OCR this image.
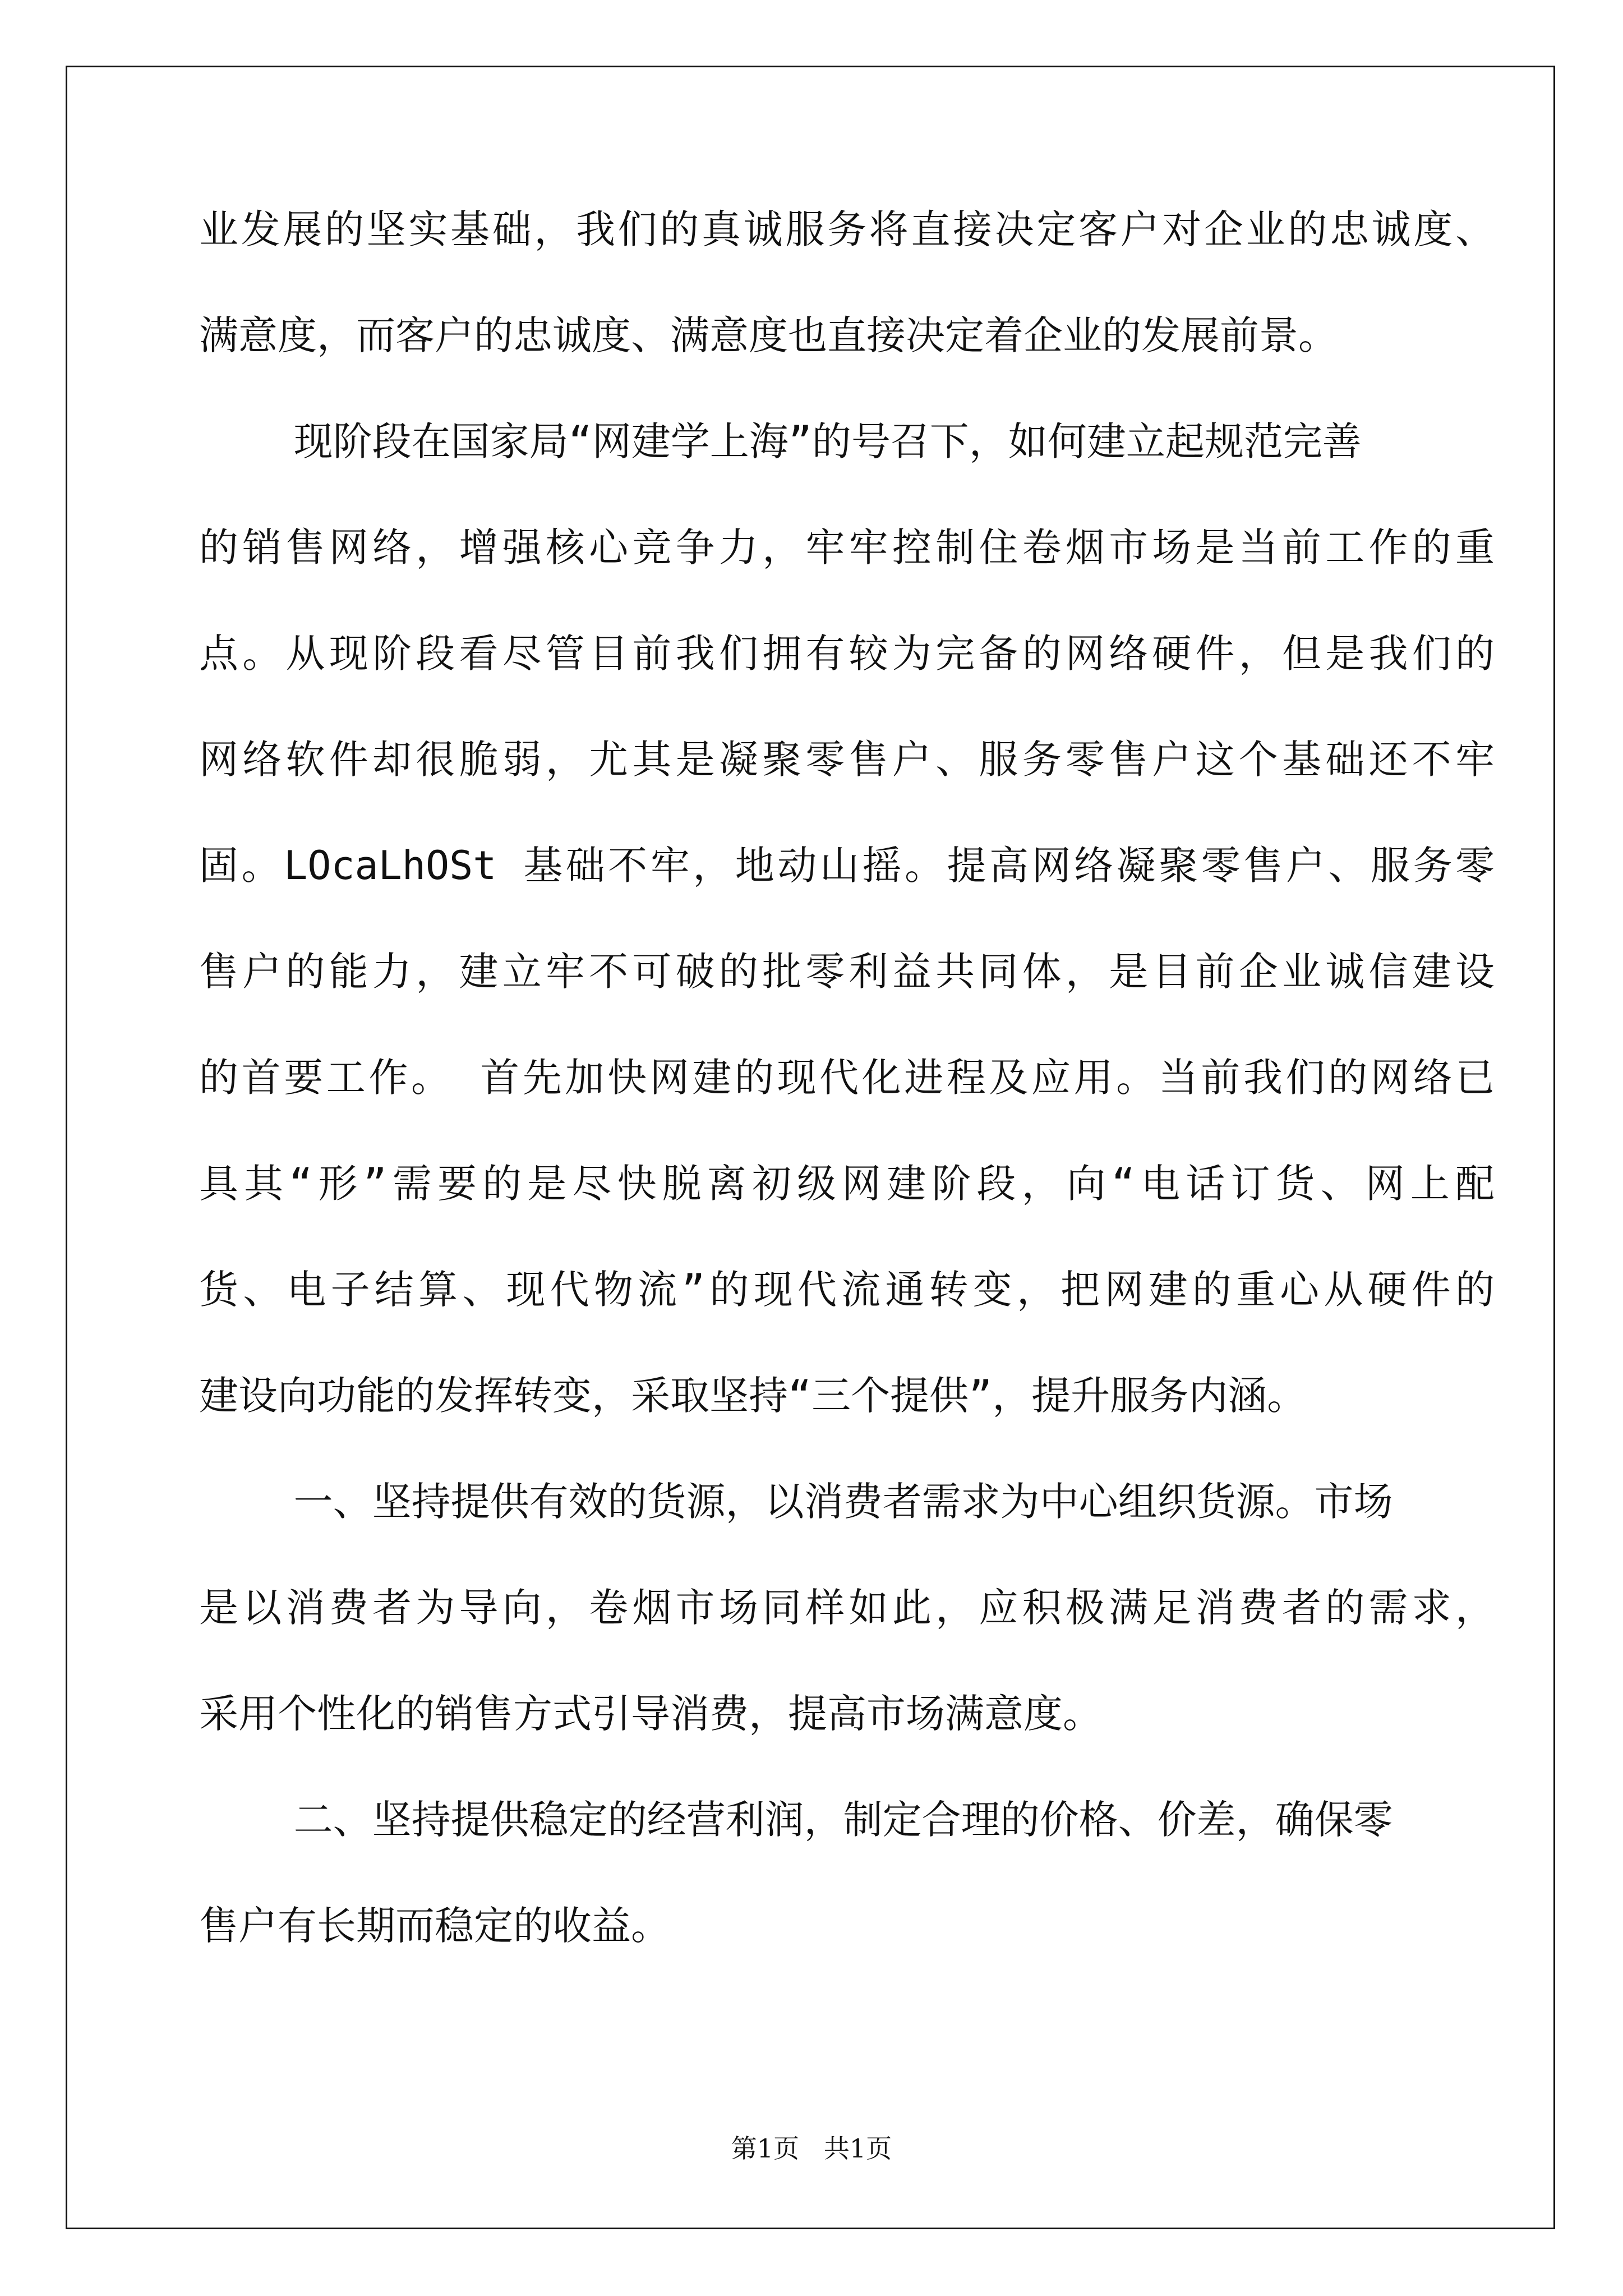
业发展的坚实基础，我们的真诚服务将直接决定客户对企业的忠诚度、
满意度，而客户的忠诚度、满意度也直接决定着企业的发展前景。
现阶段在国家局“网建学上海”的号召下，如何建立起规范完善
的销售网络，增强核心竞争力，牢牢控制住卷烟市场是当前工作的重
点。从现阶段看尽管目前我们拥有较为完备的网络硬件，但是我们的
网络软件却很脆弱，尤其是凝聚零售户、服务零售户这个基础还不牢
固。LOcaLhOSt 基础不牢，地动山摇。提高网络凝聚零售户、服务零
售户的能力，建立牢不可破的批零利益共同体，是目前企业诚信建设
的首要工作。 首先加快网建的现代化进程及应用。当前我们的网络已
具其“形”需要的是尽快脱离初级网建阶段，向“电话订货、网上配
货、电子结算、现代物流”的现代流通转变，把网建的重心从硬件的
建设向功能的发挥转变，采取坚持“三个提供”，提升服务内涵。
一、坚持提供有效的货源，以消费者需求为中心组织货源。市场
是以消费者为导向，卷烟市场同样如此，应积极满足消费者的需求，
采用个性化的销售方式引导消费，提高市场满意度。
二、坚持提供稳定的经营利润，制定合理的价格、价差，确保零
售户有长期而稳定的收益。
第1页   共1页
